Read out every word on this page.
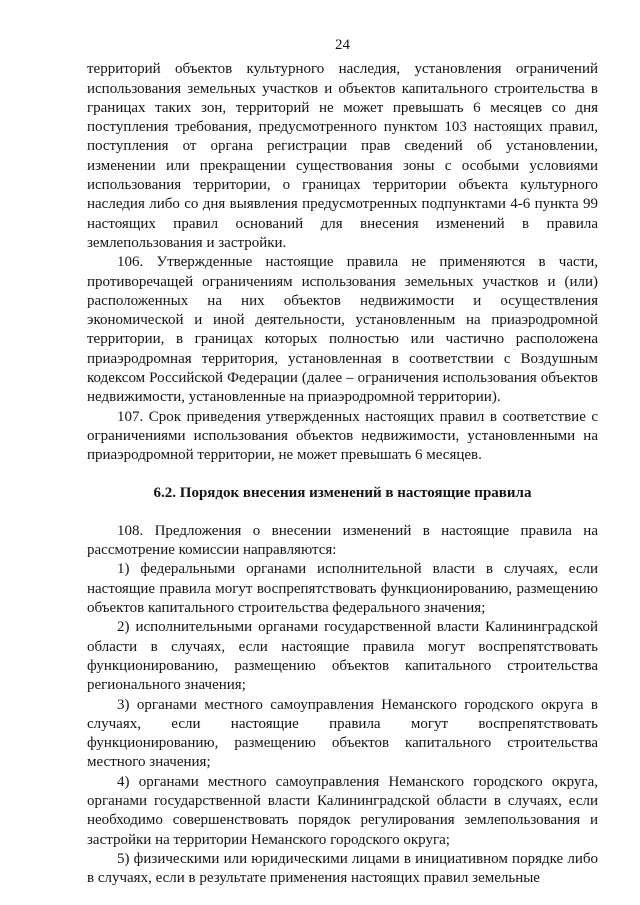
24

территорий объектов культурного наследия, установления ограничений использования земельных участков и объектов капитального строительства в границах таких зон, территорий не может превышать 6 месяцев со дня поступления требования, предусмотренного пунктом 103 настоящих правил, поступления от органа регистрации прав сведений об установлении, изменении или прекращении существования зоны с особыми условиями использования территории, о границах территории объекта культурного наследия либо со дня выявления предусмотренных подпунктами 4-6 пункта 99 настоящих правил оснований для внесения изменений в правила землепользования и застройки.

106. Утвержденные настоящие правила не применяются в части, противоречащей ограничениям использования земельных участков и (или) расположенных на них объектов недвижимости и осуществления экономической и иной деятельности, установленным на приаэродромной территории, в границах которых полностью или частично расположена приаэродромная территория, установленная в соответствии с Воздушным кодексом Российской Федерации (далее – ограничения использования объектов недвижимости, установленные на приаэродромной территории).

107. Срок приведения утвержденных настоящих правил в соответствие с ограничениями использования объектов недвижимости, установленными на приаэродромной территории, не может превышать 6 месяцев.

6.2. Порядок внесения изменений в настоящие правила

108. Предложения о внесении изменений в настоящие правила на рассмотрение комиссии направляются:

1) федеральными органами исполнительной власти в случаях, если настоящие правила могут воспрепятствовать функционированию, размещению объектов капитального строительства федерального значения;

2) исполнительными органами государственной власти Калининградской области в случаях, если настоящие правила могут воспрепятствовать функционированию, размещению объектов капитального строительства регионального значения;

3) органами местного самоуправления Неманского городского округа в случаях, если настоящие правила могут воспрепятствовать функционированию, размещению объектов капитального строительства местного значения;

4) органами местного самоуправления Неманского городского округа, органами государственной власти Калининградской области в случаях, если необходимо совершенствовать порядок регулирования землепользования и застройки на территории Неманского городского округа;

5) физическими или юридическими лицами в инициативном порядке либо в случаях, если в результате применения настоящих правил земельные
